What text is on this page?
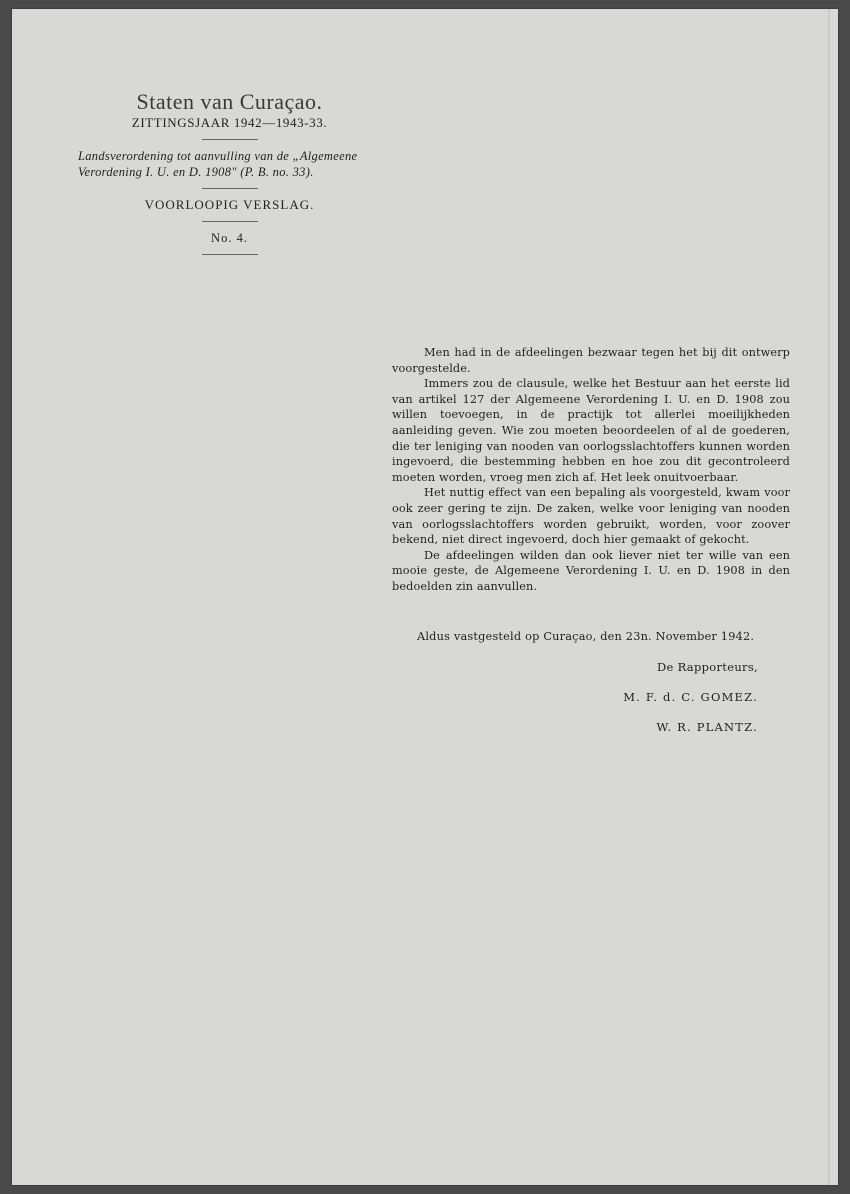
Staten van Curaçao.

ZITTINGSJAAR 1942—1943-33.

Landsverordening tot aanvulling van de „Algemeene Verordening I. U. en D. 1908" (P. B. no. 33).

VOORLOOPIG VERSLAG.

No. 4.

Men had in de afdeelingen bezwaar tegen het bij dit ontwerp voorgestelde.

Immers zou de clausule, welke het Bestuur aan het eerste lid van artikel 127 der Algemeene Verordening I. U. en D. 1908 zou willen toevoegen, in de practijk tot allerlei moeilijkheden aanleiding geven. Wie zou moeten beoordeelen of al de goederen, die ter leniging van nooden van oorlogsslachtoffers kunnen worden ingevoerd, die bestemming hebben en hoe zou dit gecontroleerd moeten worden, vroeg men zich af. Het leek onuitvoerbaar.

Het nuttig effect van een bepaling als voorgesteld, kwam voor ook zeer gering te zijn. De zaken, welke voor leniging van nooden van oorlogsslachtoffers worden gebruikt, worden, voor zoover bekend, niet direct ingevoerd, doch hier gemaakt of gekocht.

De afdeelingen wilden dan ook liever niet ter wille van een mooie geste, de Algemeene Verordening I. U. en D. 1908 in den bedoelden zin aanvullen.

Aldus vastgesteld op Curaçao, den 23n. November 1942.
De Rapporteurs,
M. F. d. C. GOMEZ.
W. R. PLANTZ.
